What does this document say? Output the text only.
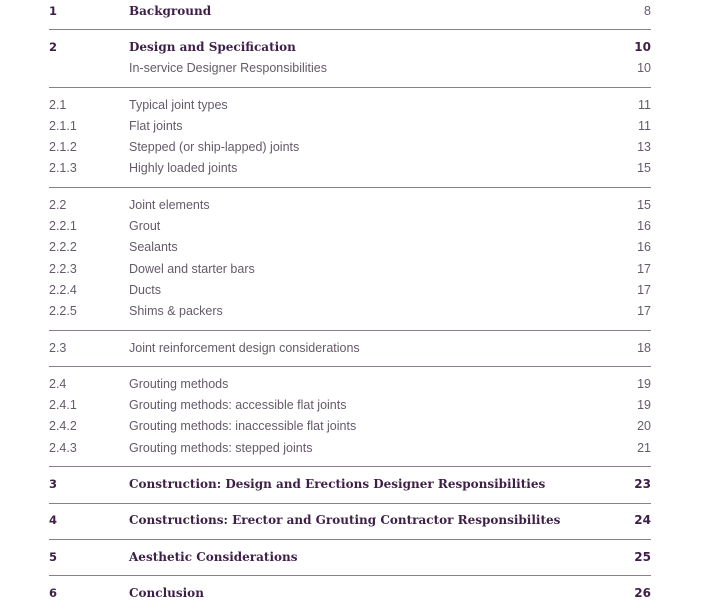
1	Background	8
2	Design and Specification	10
In-service Designer Responsibilities	10
2.1	Typical joint types	11
2.1.1	Flat joints	11
2.1.2	Stepped (or ship-lapped) joints	13
2.1.3	Highly loaded joints	15
2.2	Joint elements	15
2.2.1	Grout	16
2.2.2	Sealants	16
2.2.3	Dowel and starter bars	17
2.2.4	Ducts	17
2.2.5	Shims & packers	17
2.3	Joint reinforcement design considerations	18
2.4	Grouting methods	19
2.4.1	Grouting methods: accessible flat joints	19
2.4.2	Grouting methods: inaccessible flat joints	20
2.4.3	Grouting methods: stepped joints	21
3	Construction: Design and Erections Designer Responsibilities	23
4	Constructions: Erector and Grouting Contractor Responsibilites	24
5	Aesthetic Considerations	25
6	Conclusion	26
